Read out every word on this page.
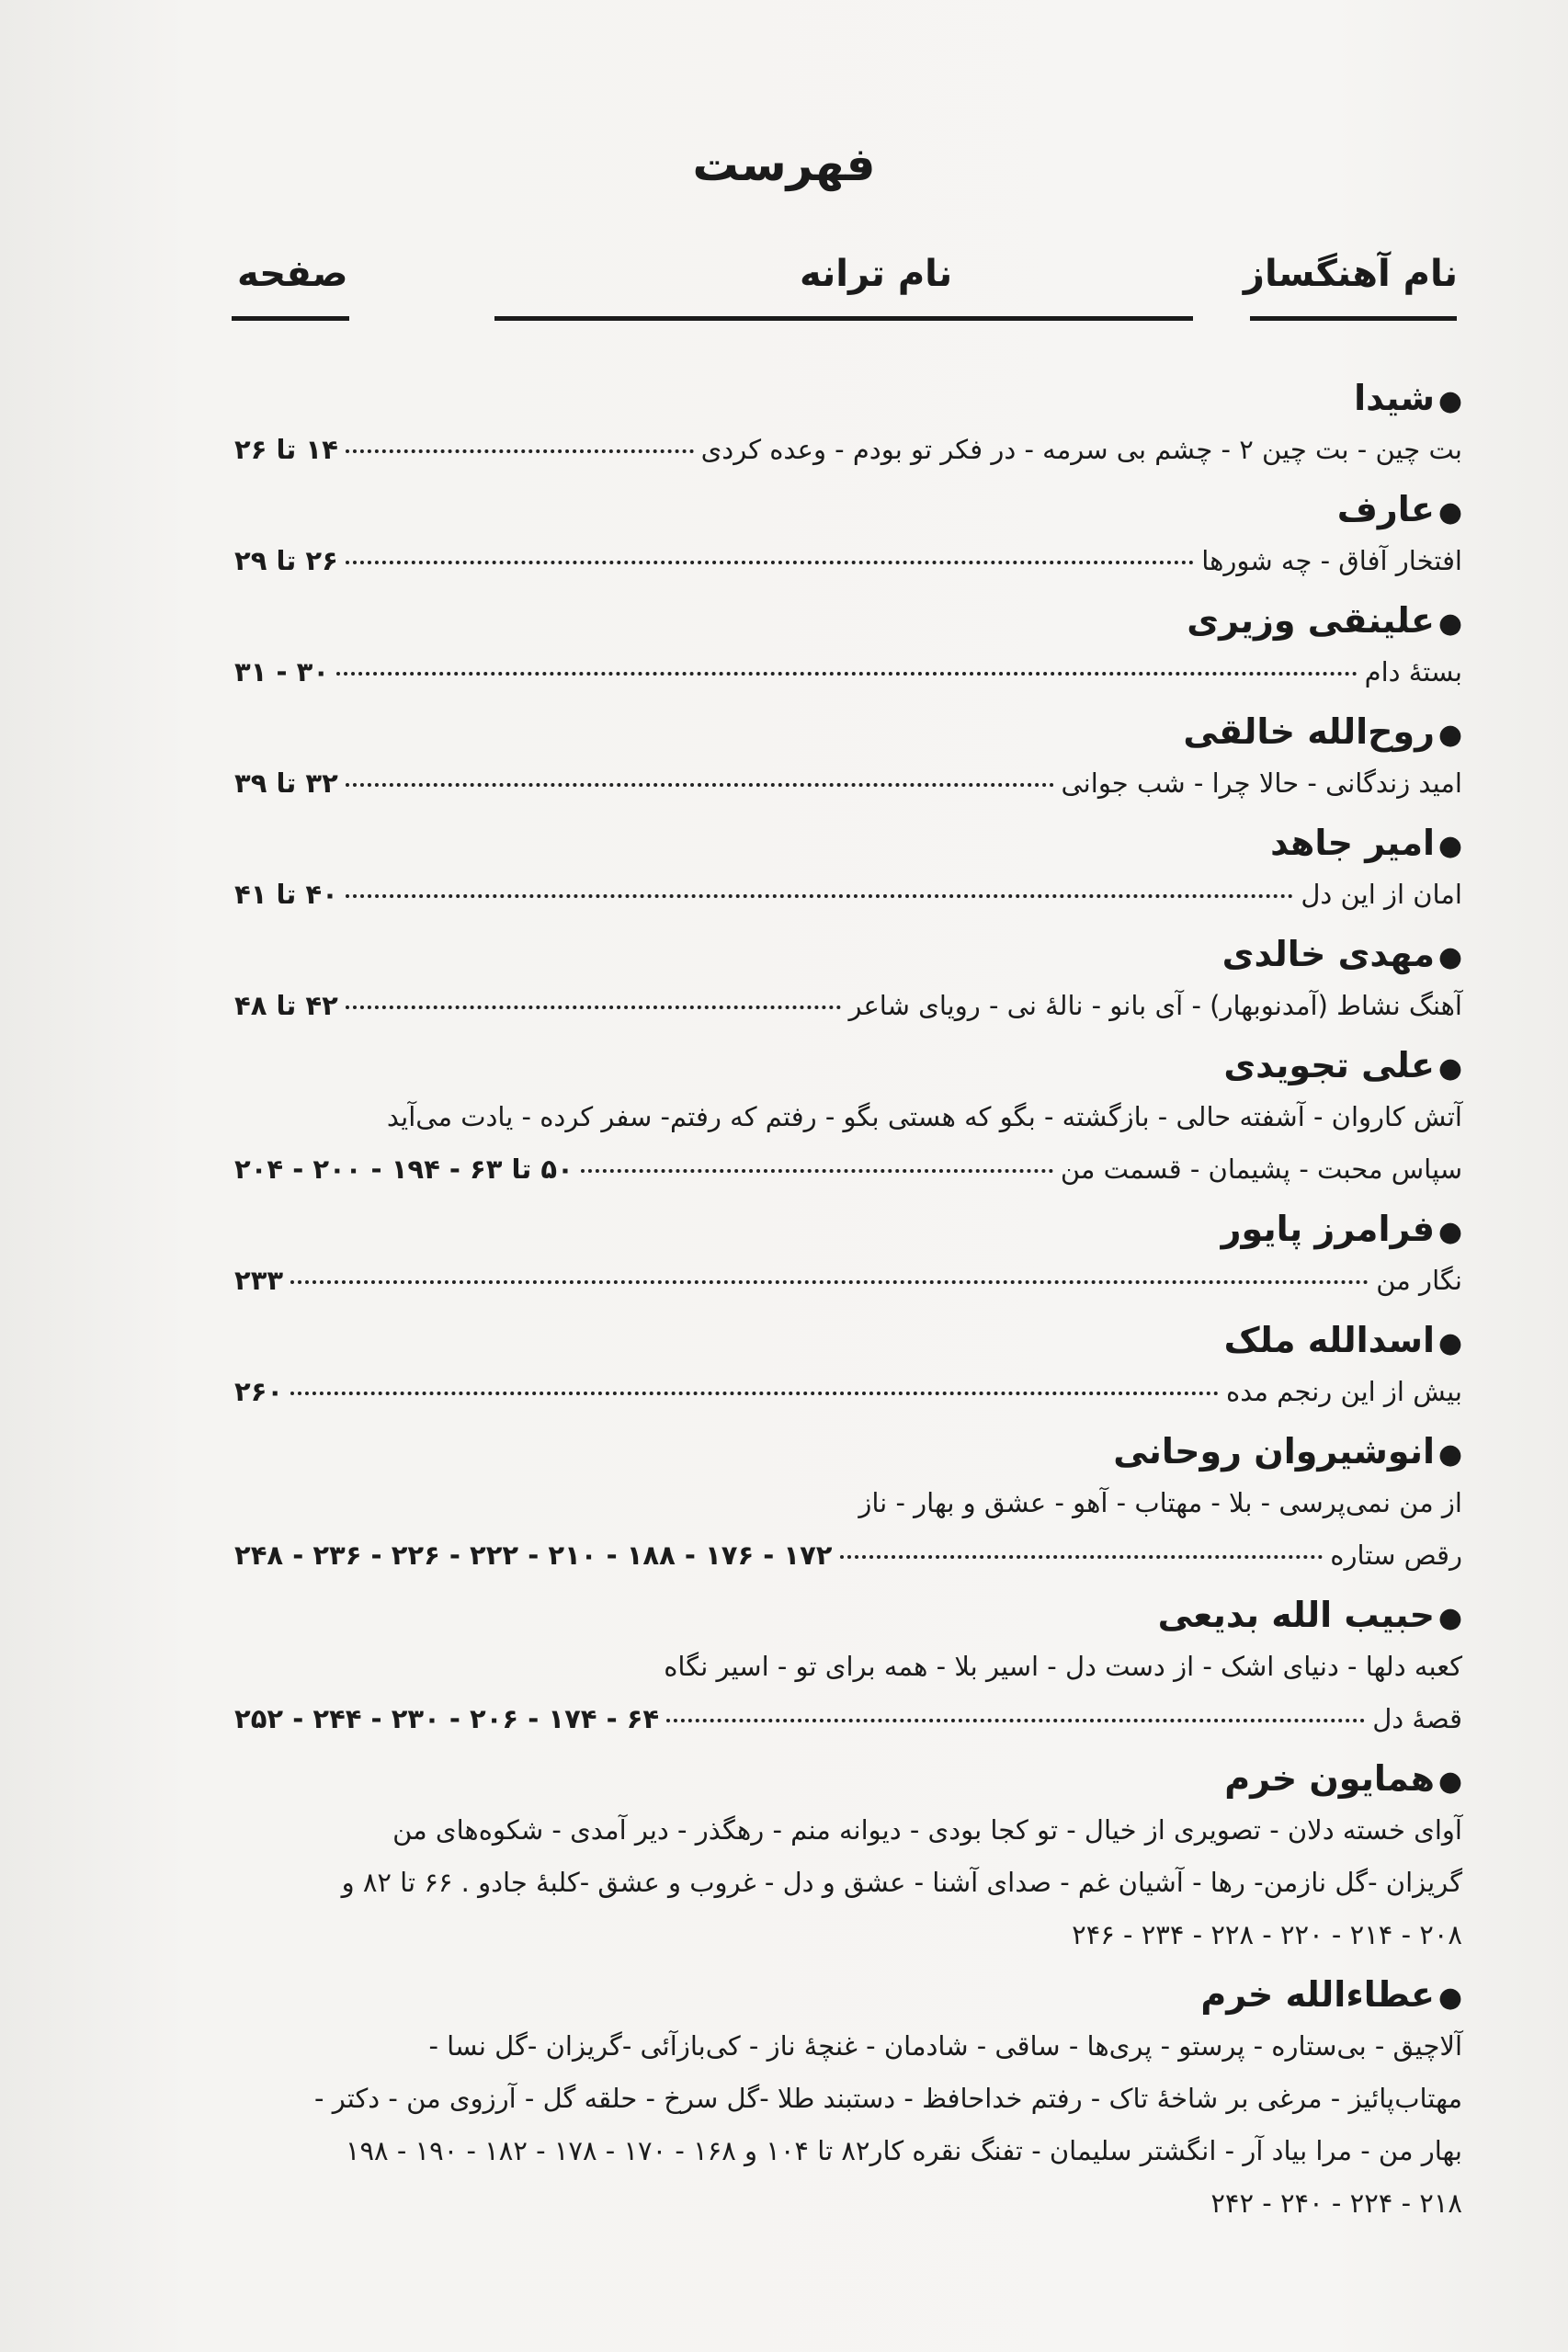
فهرست
نام آهنگساز
نام ترانه
صفحه
●شیدا
بت چین - بت چین ۲ - چشم بی سرمه - در فکر تو بودم - وعده کردی
۱۴ تا ۲۶
●عارف
افتخار آفاق - چه شورها
۲۶ تا ۲۹
●علینقی وزیری
بستهٔ دام
۳۰ - ۳۱
●روح‌الله خالقی
امید زندگانی - حالا چرا - شب جوانی
۳۲ تا ۳۹
●امیر جاهد
امان از این دل
۴۰ تا ۴۱
●مهدی خالدی
آهنگ نشاط (آمدنوبهار) - آی بانو - نالهٔ نی - رویای شاعر
۴۲ تا ۴۸
●علی تجویدی
آتش کاروان - آشفته حالی - بازگشته - بگو که هستی بگو - رفتم که رفتم- سفر کرده - یادت می‌آید
سپاس محبت - پشیمان - قسمت من
۵۰ تا ۶۳ - ۱۹۴ - ۲۰۰ - ۲۰۴
●فرامرز پایور
نگار من
۲۳۳
●اسدالله ملک
بیش از این رنجم مده
۲۶۰
●انوشیروان روحانی
از من نمی‌پرسی - بلا - مهتاب - آهو - عشق و بهار - ناز
رقص ستاره
۱۷۲ - ۱۷۶ - ۱۸۸ - ۲۱۰ - ۲۲۲ - ۲۲۶ - ۲۳۶ - ۲۴۸
●حبیب الله بدیعی
کعبه دلها - دنیای اشک - از دست دل - اسیر بلا - همه برای تو - اسیر نگاه
قصهٔ دل
۶۴ - ۱۷۴ - ۲۰۶ - ۲۳۰ - ۲۴۴ - ۲۵۲
●همایون خرم
آوای خسته دلان - تصویری از خیال - تو کجا بودی - دیوانه منم - رهگذر - دیر آمدی - شکوه‌های من
گریزان -گل نازمن- رها - آشیان غم - صدای آشنا - عشق و دل - غروب و عشق -کلبهٔ جادو . ۶۶ تا ۸۲ و
۲۰۸ - ۲۱۴ - ۲۲۰ - ۲۲۸ - ۲۳۴ - ۲۴۶
●عطاءالله خرم
آلاچیق - بی‌ستاره - پرستو - پری‌ها - ساقی - شادمان - غنچهٔ ناز - کی‌بازآئی -گریزان -گل نسا -
مهتاب‌پائیز - مرغی بر شاخهٔ تاک - رفتم خداحافظ - دستبند طلا -گل سرخ - حلقه گل - آرزوی من - دکتر -
بهار من - مرا بیاد آر - انگشتر سلیمان - تفنگ نقره کار۸۲ تا ۱۰۴ و ۱۶۸ - ۱۷۰ - ۱۷۸ - ۱۸۲ - ۱۹۰ - ۱۹۸
۲۱۸ - ۲۲۴ - ۲۴۰ - ۲۴۲
